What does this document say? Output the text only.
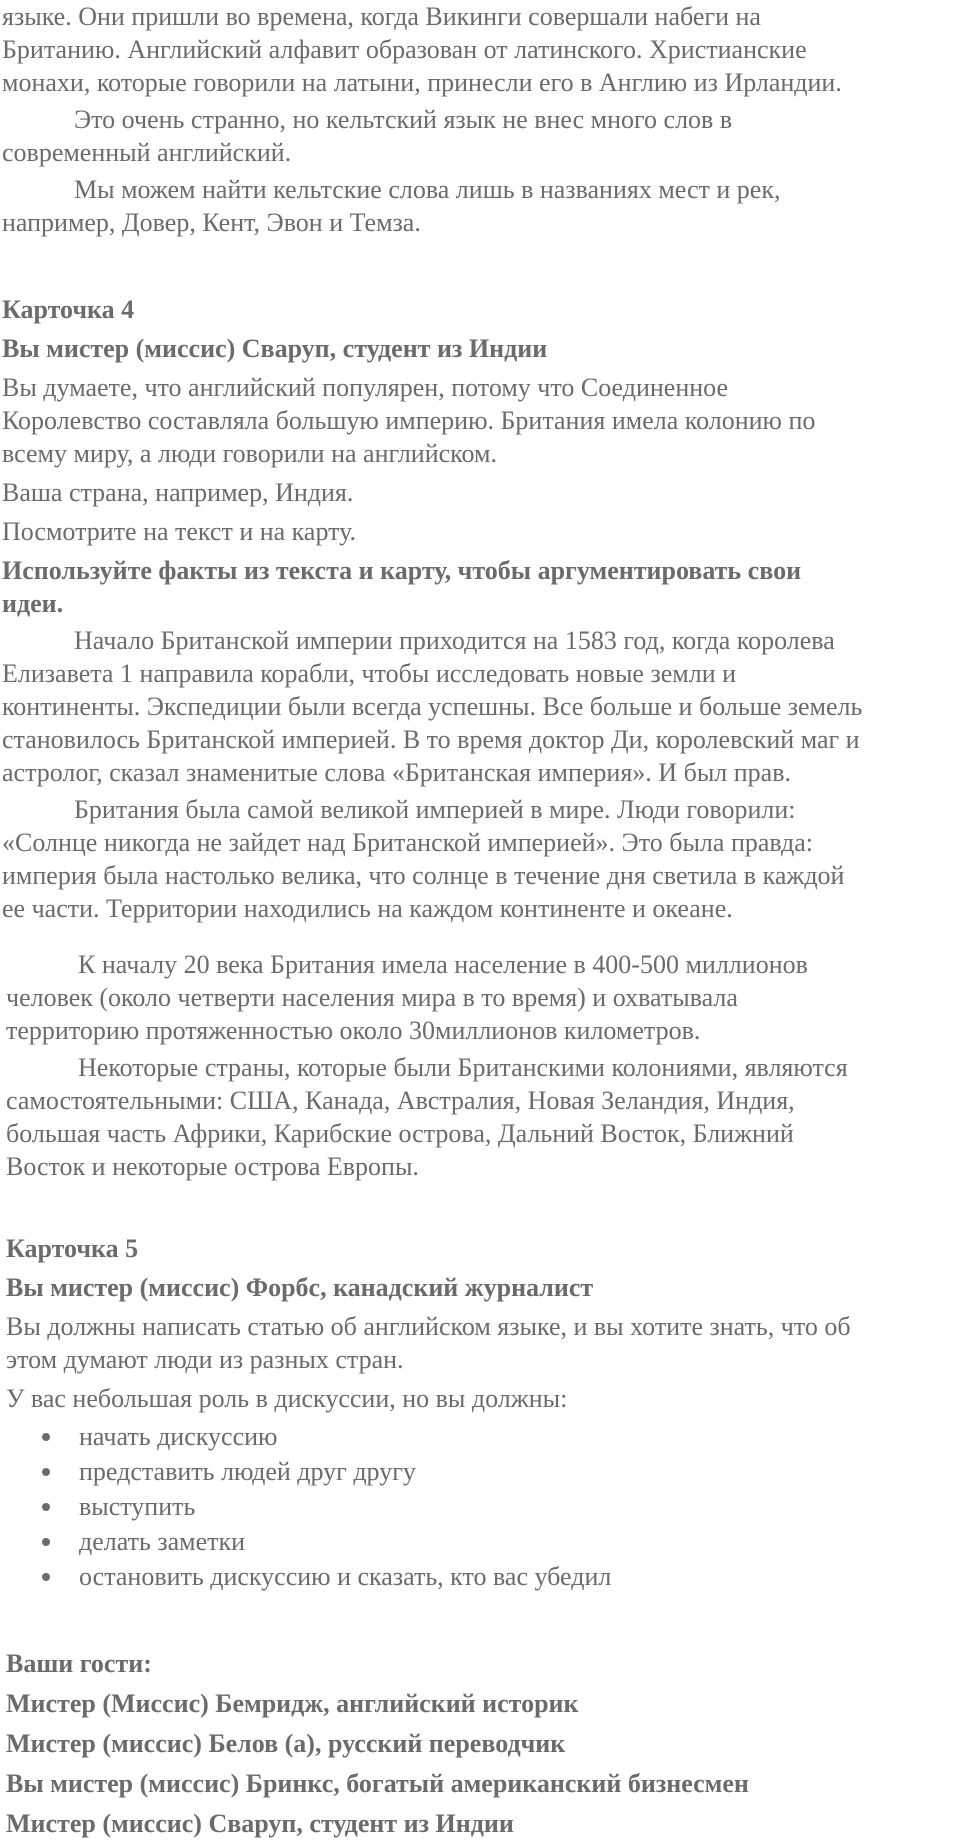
языке. Они пришли во времена, когда Викинги совершали набеги на
Британию. Английский алфавит образован от латинского. Христианские
монахи, которые говорили на латыни, принесли его в Англию из Ирландии.

Это очень странно, но кельтский язык не внес много слов в
современный английский.

Мы можем найти кельтские слова лишь в названиях мест и рек,
например, Довер, Кент, Эвон и Темза.

Карточка 4

Вы мистер (миссис) Сваруп, студент из Индии

Вы думаете, что английский популярен, потому что Соединенное
Королевство составляла большую империю. Британия имела колонию по
всему миру, а люди говорили на английском.

Ваша страна, например, Индия.

Посмотрите на текст и на карту.

Используйте факты из текста и карту, чтобы аргументировать свои
идеи.

Начало Британской империи приходится на 1583 год, когда королева
Елизавета 1 направила корабли, чтобы исследовать новые земли и
континенты. Экспедиции были всегда успешны. Все больше и больше земель
становилось Британской империей. В то время доктор Ди, королевский маг и
астролог, сказал знаменитые слова «Британская империя». И был прав.

Британия была самой великой империей в мире. Люди говорили:
«Солнце никогда не зайдет над Британской империей». Это была правда:
империя была настолько велика, что солнце в течение дня светила в каждой
ее части. Территории находились на каждом континенте и океане.

К началу 20 века Британия имела население в 400-500 миллионов
человек (около четверти населения мира в то время) и охватывала
территорию протяженностью около 30миллионов километров.

Некоторые страны, которые были Британскими колониями, являются
самостоятельными: США, Канада, Австралия, Новая Зеландия, Индия,
большая часть Африки, Карибские острова, Дальний Восток, Ближний
Восток и некоторые острова Европы.

Карточка 5

Вы мистер (миссис) Форбс, канадский журналист

Вы должны написать статью об английском языке, и вы хотите знать, что об
этом думают люди из разных стран.

У вас небольшая роль в дискуссии, но вы должны:

начать дискуссию
представить людей друг другу
выступить
делать заметки
остановить дискуссию и сказать, кто вас убедил

Ваши гости:

Мистер (Миссис) Бемридж, английский историк

Мистер (миссис) Белов (а), русский переводчик

Вы мистер (миссис) Бринкс, богатый американский бизнесмен

Мистер (миссис) Сваруп, студент из Индии
